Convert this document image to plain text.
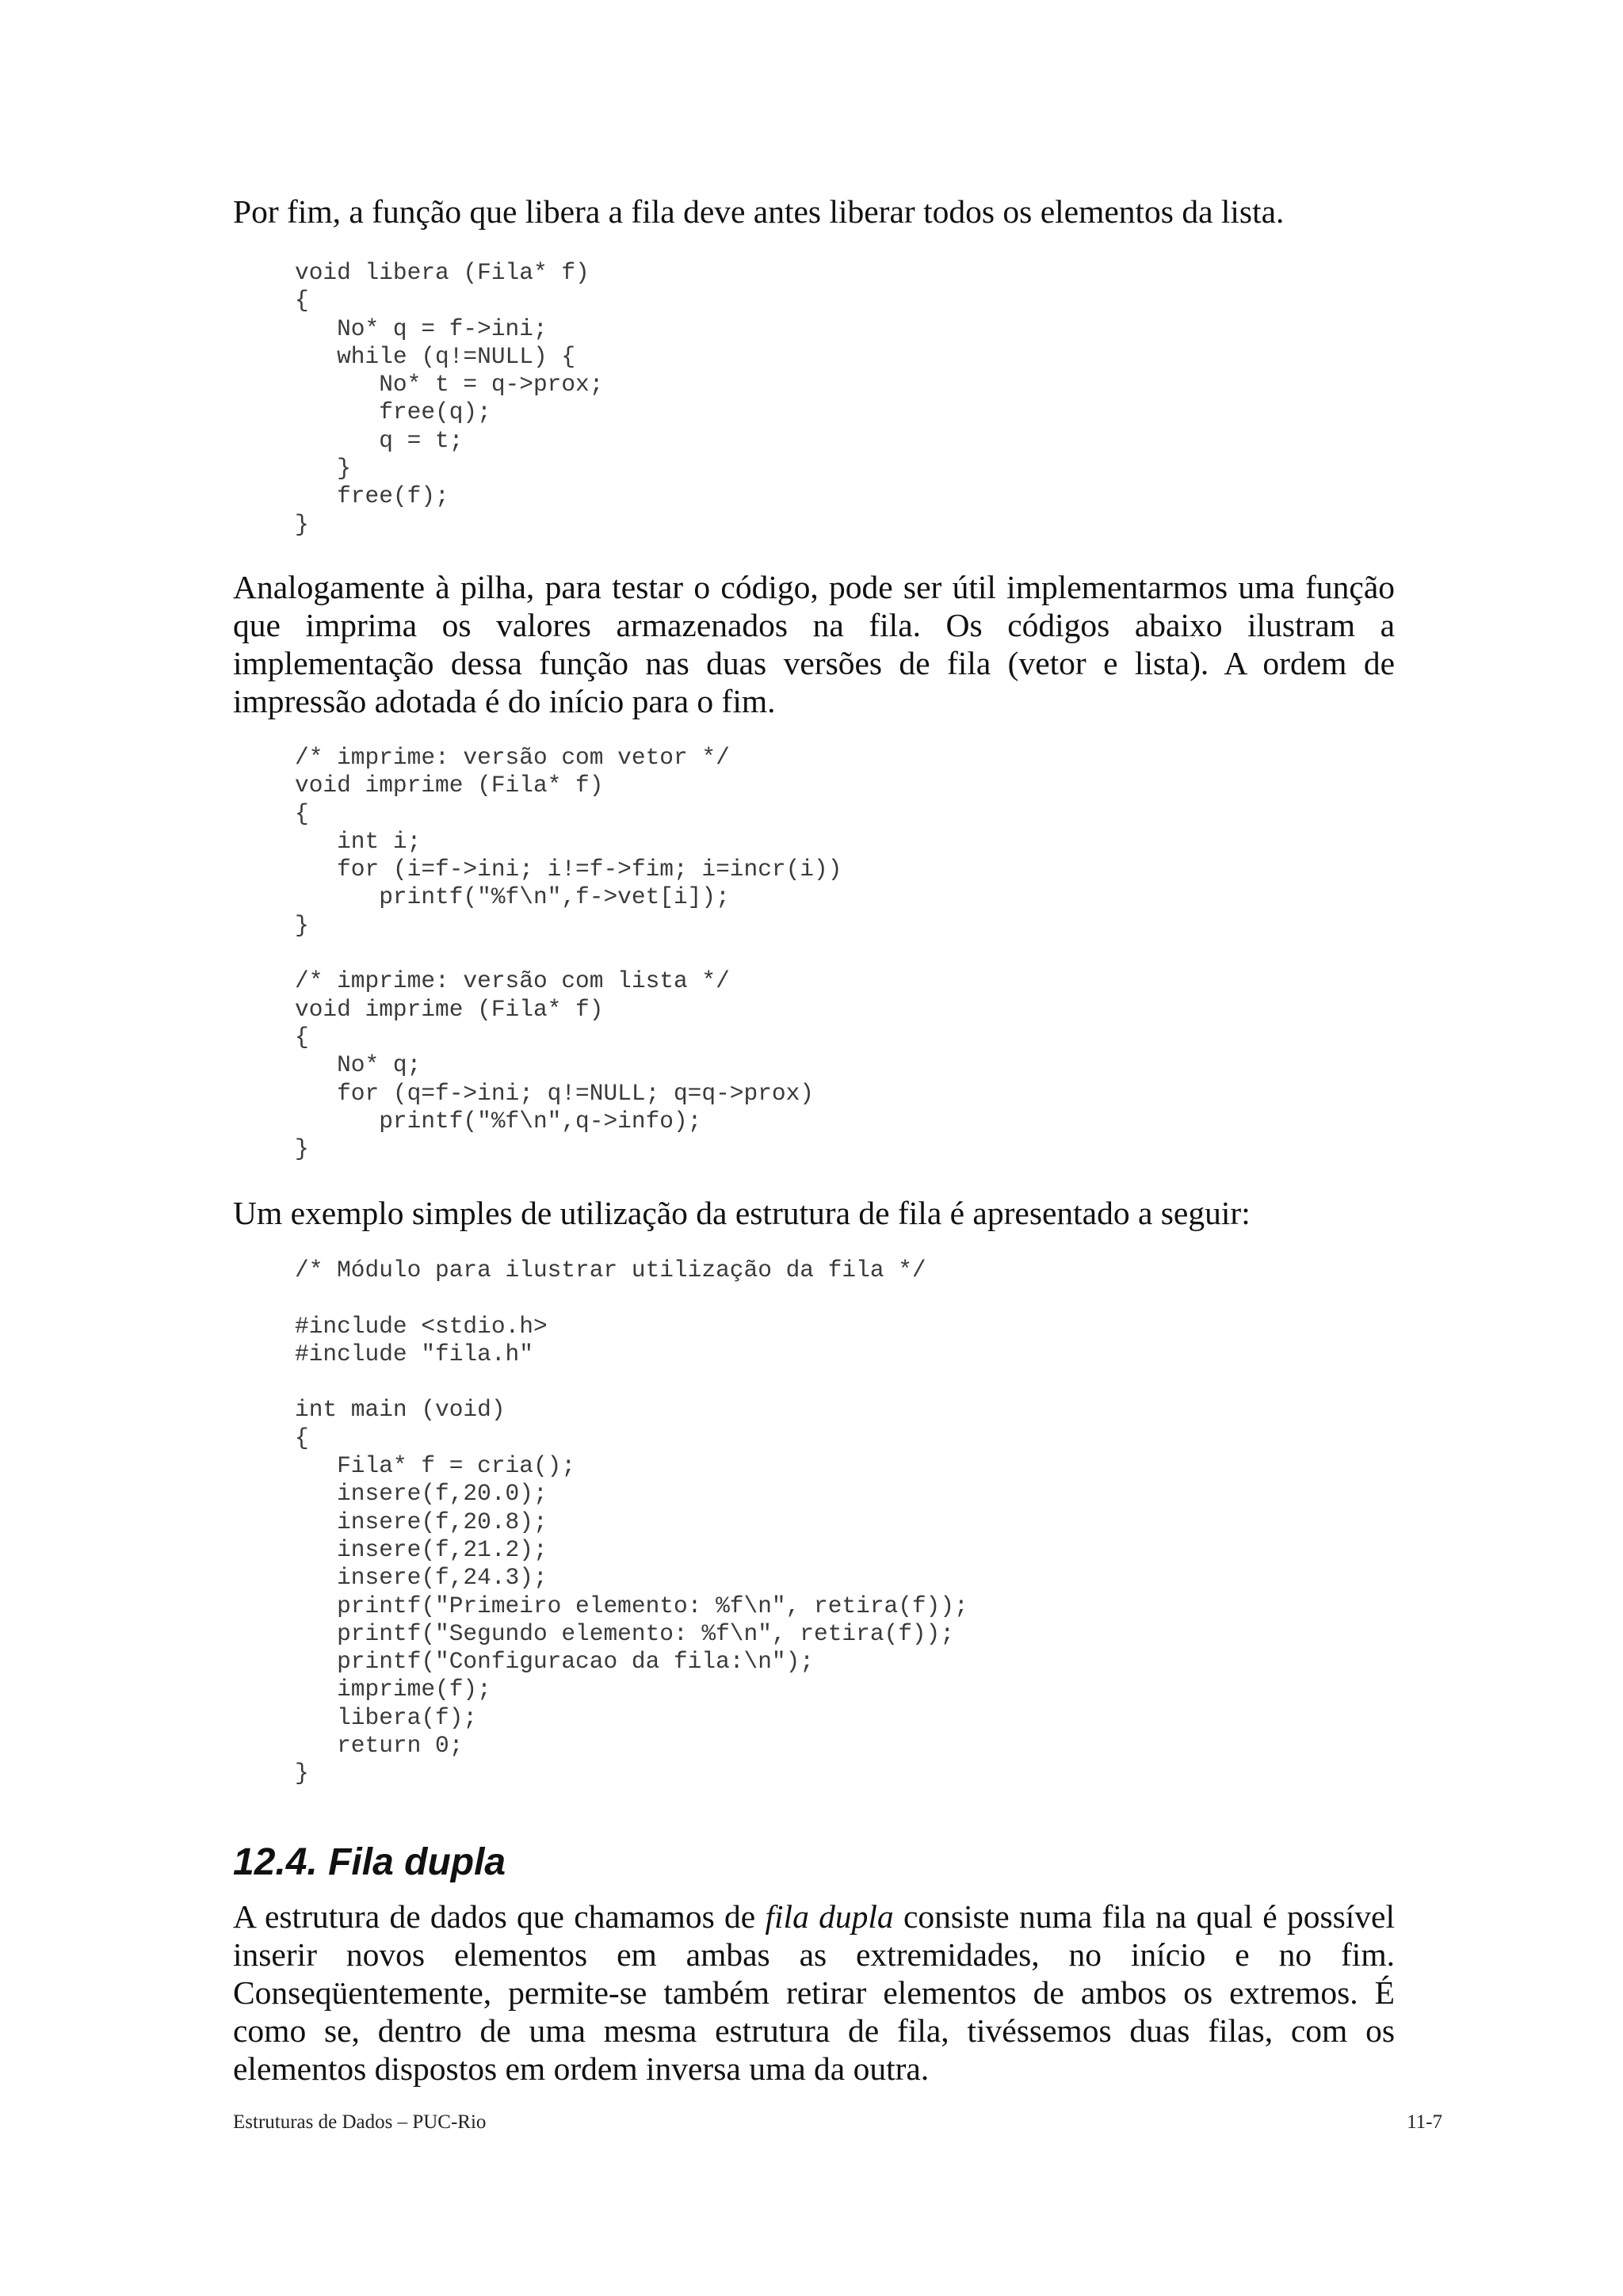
Por fim, a função que libera a fila deve antes liberar todos os elementos da lista.

void libera (Fila* f)
{
No* q = f->ini;
while (q!=NULL) {
No* t = q->prox;
free(q);
q = t;
}
free(f);
}

Analogamente à pilha, para testar o código, pode ser útil implementarmos uma função
que imprima os valores armazenados na fila. Os códigos abaixo ilustram a
implementação dessa função nas duas versões de fila (vetor e lista). A ordem de
impressão adotada é do início para o fim.

/* imprime: versão com vetor */
void imprime (Fila* f)
{
int i;
for (i=f->ini; i!=f->fim; i=incr(i))
printf("%f\n",f->vet[i]);
}

/* imprime: versão com lista */
void imprime (Fila* f)
{
No* q;
for (q=f->ini; q!=NULL; q=q->prox)
printf("%f\n",q->info);
}

Um exemplo simples de utilização da estrutura de fila é apresentado a seguir:

/* Módulo para ilustrar utilização da fila */

#include <stdio.h>
#include "fila.h"

int main (void)
{
Fila* f = cria();
insere(f,20.0);
insere(f,20.8);
insere(f,21.2);
insere(f,24.3);
printf("Primeiro elemento: %f\n", retira(f));
printf("Segundo elemento: %f\n", retira(f));
printf("Configuracao da fila:\n");
imprime(f);
libera(f);
return 0;
}
12.4. Fila dupla

A estrutura de dados que chamamos de fila dupla consiste numa fila na qual é possível
inserir novos elementos em ambas as extremidades, no início e no fim.
Conseqüentemente, permite-se também retirar elementos de ambos os extremos. É
como se, dentro de uma mesma estrutura de fila, tivéssemos duas filas, com os
elementos dispostos em ordem inversa uma da outra.

Estruturas de Dados – PUC-Rio	11-7
